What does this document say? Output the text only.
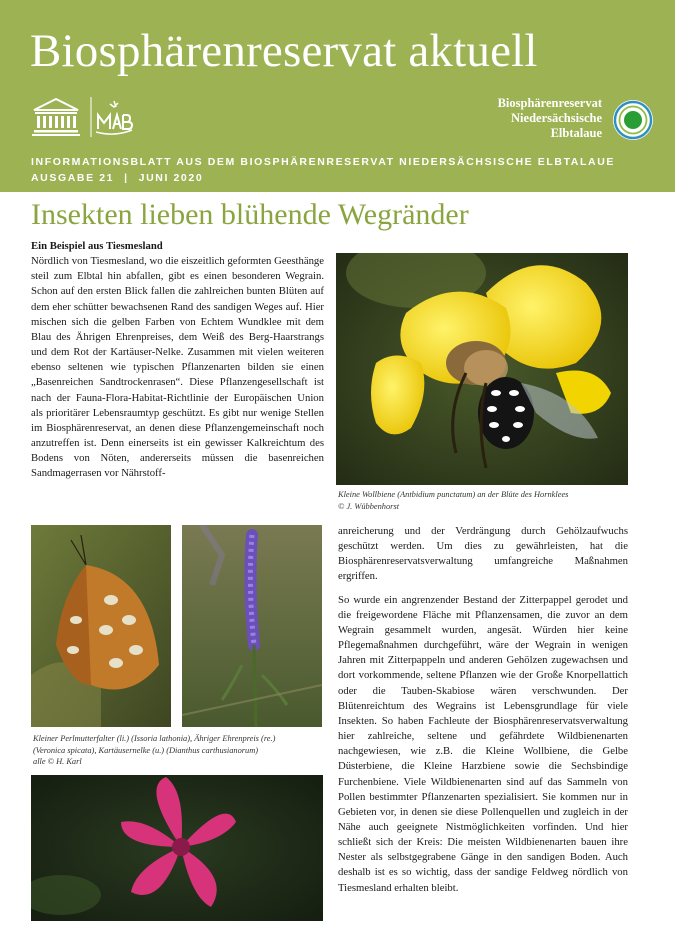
Biosphärenreservat aktuell
Biosphärenreservat
Niedersächsische
Elbtalaue
INFORMATIONSBLATT AUS DEM BIOSPHÄRENRESERVAT NIEDERSÄCHSISCHE ELBTALAUE
AUSGABE 21 | JUNI 2020
Insekten lieben blühende Wegränder
Ein Beispiel aus Tiesmesland

Nördlich von Tiesmesland, wo die eiszeitlich geformten Geesthänge steil zum Elbtal hin abfallen, gibt es einen besonderen Wegrain. Schon auf den ersten Blick fallen die zahlreichen bunten Blüten auf dem eher schütter bewachsenen Rand des sandigen Weges auf. Hier mischen sich die gelben Farben von Echtem Wundklee mit dem Blau des Ährigen Ehrenpreises, dem Weiß des Berg-Haarstrangs und dem Rot der Kartäuser-Nelke. Zusammen mit vielen weiteren ebenso seltenen wie typischen Pflanzenarten bilden sie einen „Basenreichen Sandtrockenrasen“. Diese Pflanzengesellschaft ist nach der Fauna-Flora-Habitat-Richtlinie der Europäischen Union als prioritärer Lebensraumtyp geschützt. Es gibt nur wenige Stellen im Biosphärenreservat, an denen diese Pflanzengemeinschaft noch anzutreffen ist. Denn einerseits ist ein gewisser Kalkreichtum des Bodens von Nöten, andererseits müssen die basenreichen Sandmagerrasen vor Nährstoff-

Kleine Wollbiene (Antbidium punctatum) an der Blüte des Hornklees
© J. Wübbenhorst

anreicherung und der Verdrängung durch Gehölzaufwuchs geschützt werden. Um dies zu gewährleisten, hat die Biosphärenreservatsverwaltung umfangreiche Maßnahmen ergriffen.

So wurde ein angrenzender Bestand der Zitterpappel gerodet und die freigewordene Fläche mit Pflanzensamen, die zuvor an dem Wegrain gesammelt wurden, angesät. Würden hier keine Pflegemaßnahmen durchgeführt, wäre der Wegrain in wenigen Jahren mit Zitterpappeln und anderen Gehölzen zugewachsen und dort vorkommende, seltene Pflanzen wie der Große Knorpellattich oder die Tauben-Skabiose wären verschwunden. Der Blütenreichtum des Wegrains ist Lebensgrundlage für viele Insekten. So haben Fachleute der Biosphärenreservatsverwaltung hier zahlreiche, seltene und gefährdete Wildbienenarten nachgewiesen, wie z.B. die Kleine Wollbiene, die Gelbe Düsterbiene, die Kleine Harzbiene sowie die Sechsbindige Furchenbiene. Viele Wildbienenarten sind auf das Sammeln von Pollen bestimmter Pflanzenarten spezialisiert. Sie kommen nur in Gebieten vor, in denen sie diese Pollenquellen und zugleich in der Nähe auch geeignete Nistmöglichkeiten vorfinden. Und hier schließt sich der Kreis: Die meisten Wildbienenarten bauen ihre Nester als selbstgegrabene Gänge in den sandigen Boden. Auch deshalb ist es so wichtig, dass der sandige Feldweg nördlich von Tiesmesland erhalten bleibt.

Kleiner Perlmutterfalter (li.) (Issoria lathonia), Ähriger Ehrenpreis (re.)
(Veronica spicata), Kartäusernelke (u.) (Dianthus carthusianorum)
alle © H. Karl
